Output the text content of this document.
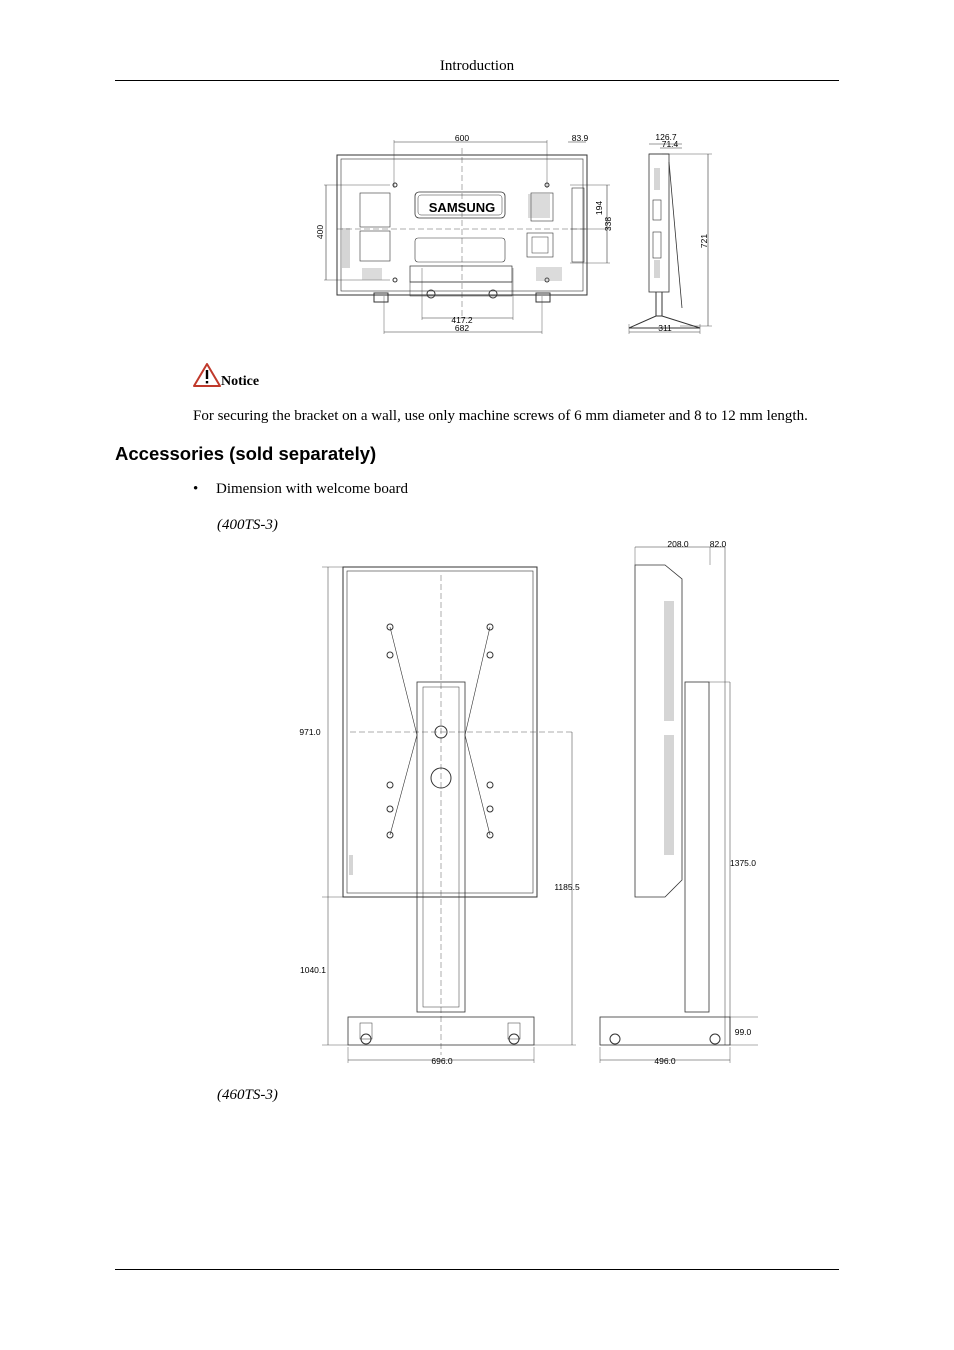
Introduction
SAMSUNG
600	83.9	126.7
71.4
400
194
338
721
417.2
682	311
Notice
For securing the bracket on a wall, use only machine screws of 6 mm diameter and 8 to 12 mm length.
Accessories (sold separately)
• Dimension with welcome board
(400TS-3)
208.0 82.0
971.0
1185.5
1375.0
1040.1
99.0
696.0	496.0
(460TS-3)
